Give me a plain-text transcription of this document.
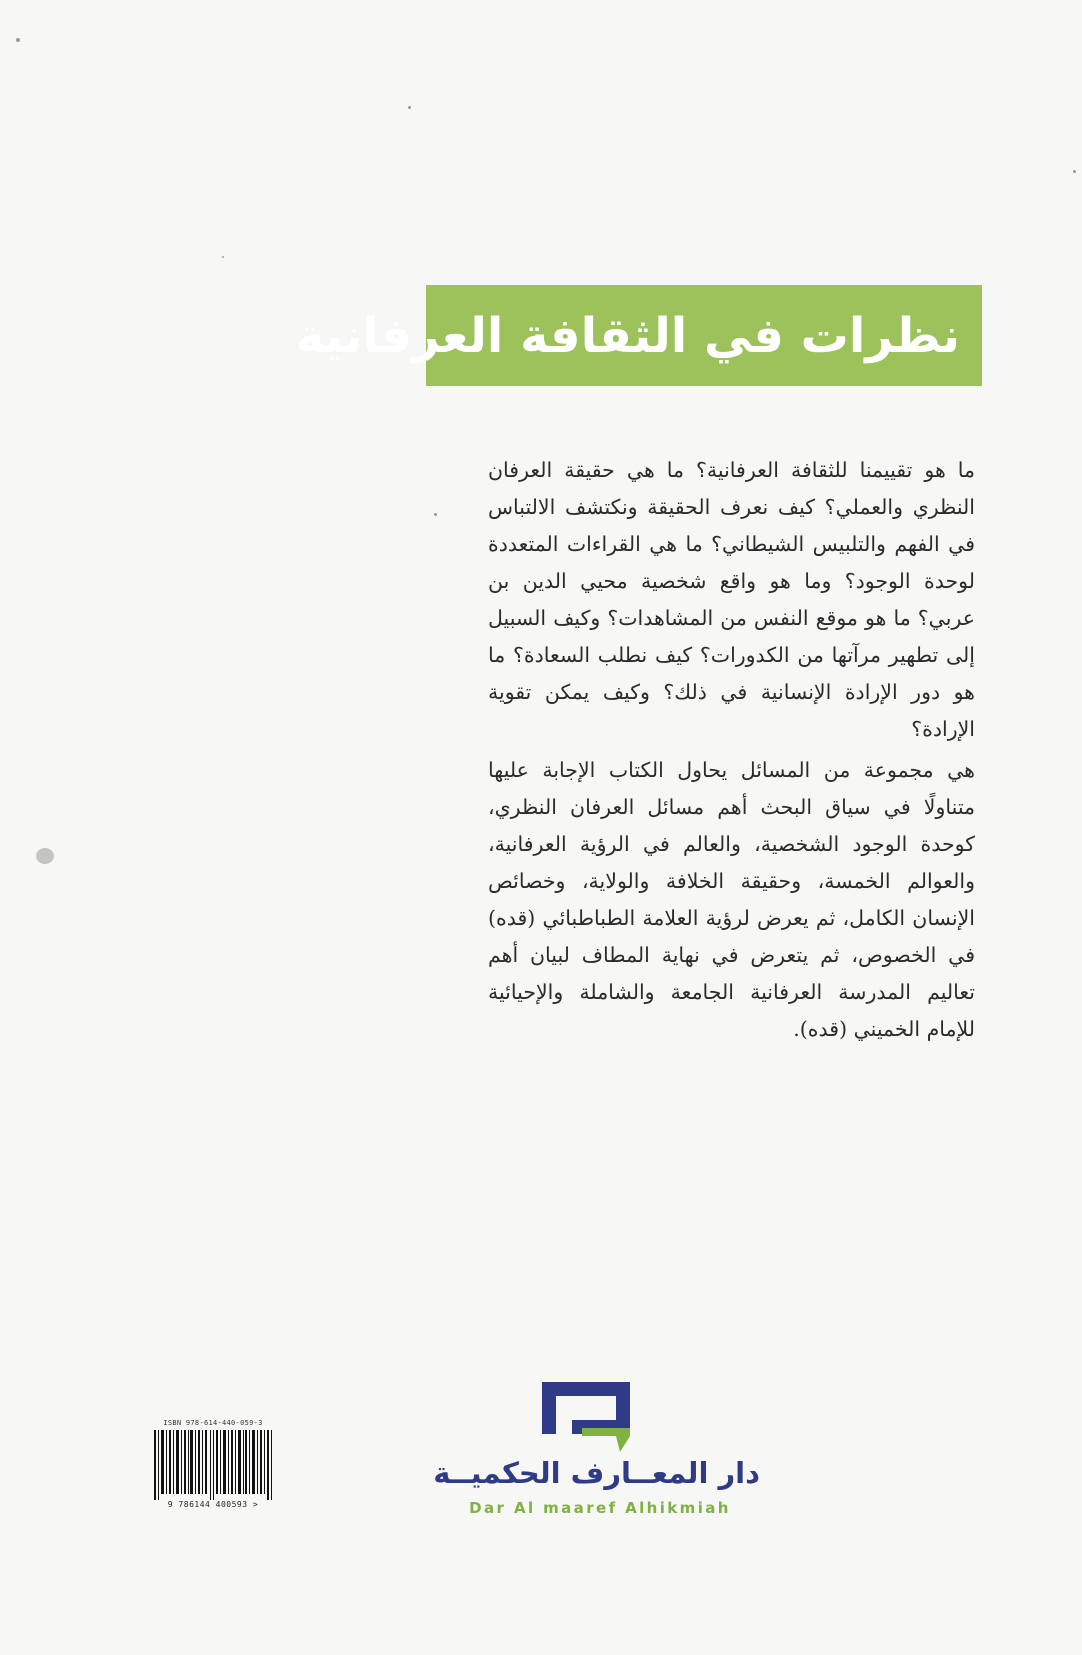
نظرات في الثقافة العرفانية

ما هو تقييمنا للثقافة العرفانية؟ ما هي حقيقة العرفان النظري والعملي؟ كيف نعرف الحقيقة ونكتشف الالتباس في الفهم والتلبيس الشيطاني؟ ما هي القراءات المتعددة لوحدة الوجود؟ وما هو واقع شخصية محيي الدين بن عربي؟ ما هو موقع النفس من المشاهدات؟ وكيف السبيل إلى تطهير مرآتها من الكدورات؟ كيف نطلب السعادة؟ ما هو دور الإرادة الإنسانية في ذلك؟ وكيف يمكن تقوية الإرادة؟

هي مجموعة من المسائل يحاول الكتاب الإجابة عليها متناولًا في سياق البحث أهم مسائل العرفان النظري، كوحدة الوجود الشخصية، والعالم في الرؤية العرفانية، والعوالم الخمسة، وحقيقة الخلافة والولاية، وخصائص الإنسان الكامل، ثم يعرض لرؤية العلامة الطباطبائي (قده) في الخصوص، ثم يتعرض في نهاية المطاف لبيان أهم تعاليم المدرسة العرفانية الجامعة والشاملة والإحيائية للإمام الخميني (قده).

ISBN 978-614-440-059-3
9 786144 400593 >
دار المعــارف الحكميــة
Dar Al maaref Alhikmiah
